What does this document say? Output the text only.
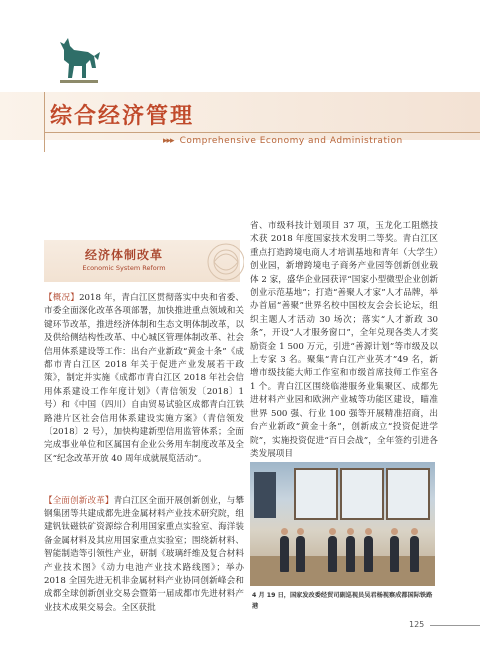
综合经济管理
▸▸▸ Comprehensive Economy and Administration
经济体制改革
Economic System Reform

【概况】2018 年，青白江区贯彻落实中央和省委、市委全面深化改革各项部署，加快推进重点领域和关键环节改革，推进经济体制和生态文明体制改革，以及供给侧结构性改革、中心城区管理体制改革、社会信用体系建设等工作：出台产业新政“黄金十条”《成都市青白江区 2018 年关于促进产业发展若干政策》，制定并实施《成都市青白江区 2018 年社会信用体系建设工作年度计划》（青信领发〔2018〕1 号）和《中国（四川）自由贸易试验区成都青白江铁路港片区社会信用体系建设实施方案》（青信领发〔2018〕2 号），加快构建新型信用监管体系；全面完成事业单位和区属国有企业公务用车制度改革及全区“纪念改革开放 40 周年成就展览活动”。

【全面创新改革】青白江区全面开展创新创业，与攀钢集团等共建成都先进金属材料产业技术研究院，组建钒钛磁铁矿资源综合利用国家重点实验室、海洋装备金属材料及其应用国家重点实验室；围绕新材料、智能制造等引领性产业，研制《玻璃纤维及复合材料产业技术图》《动力电池产业技术路线图》；举办 2018 全国先进无机非金属材料产业协同创新峰会和成都全球创新创业交易会暨第一届成都市先进材料产业技术成果交易会。全区获批

省、市级科技计划项目 37 项，玉龙化工阻燃技术获 2018 年度国家技术发明二等奖。青白江区重点打造跨境电商人才培训基地和青年（大学生）创业园，新增跨境电子商务产业园等创新创业载体 2 家，盛华企业园获评“国家小型微型企业创新创业示范基地”；打造“善聚人才家”人才品牌，举办首届“善聚”世界名校中国校友会会长论坛，组织主题人才活动 30 场次；落实“人才新政 30 条”，开设“人才服务窗口”，全年兑现各类人才奖励资金 1 500 万元，引进“善源计划”等市级及以上专家 3 名。聚集“青白江产业英才”49 名，新增市级技能大师工作室和市级首席技师工作室各 1 个。青白江区围绕临港服务业集聚区、成都先进材料产业园和欧洲产业城等功能区建设，瞄准世界 500 强、行业 100 强等开展精准招商，出台产业新政“黄金十条”，创新成立“投资促进学院”，实施投资促进“百日会战”，全年签约引进各类发展项目

4 月 19 日，国家发改委经贸司副巡视员吴君杨视察成都国际铁路港
125
